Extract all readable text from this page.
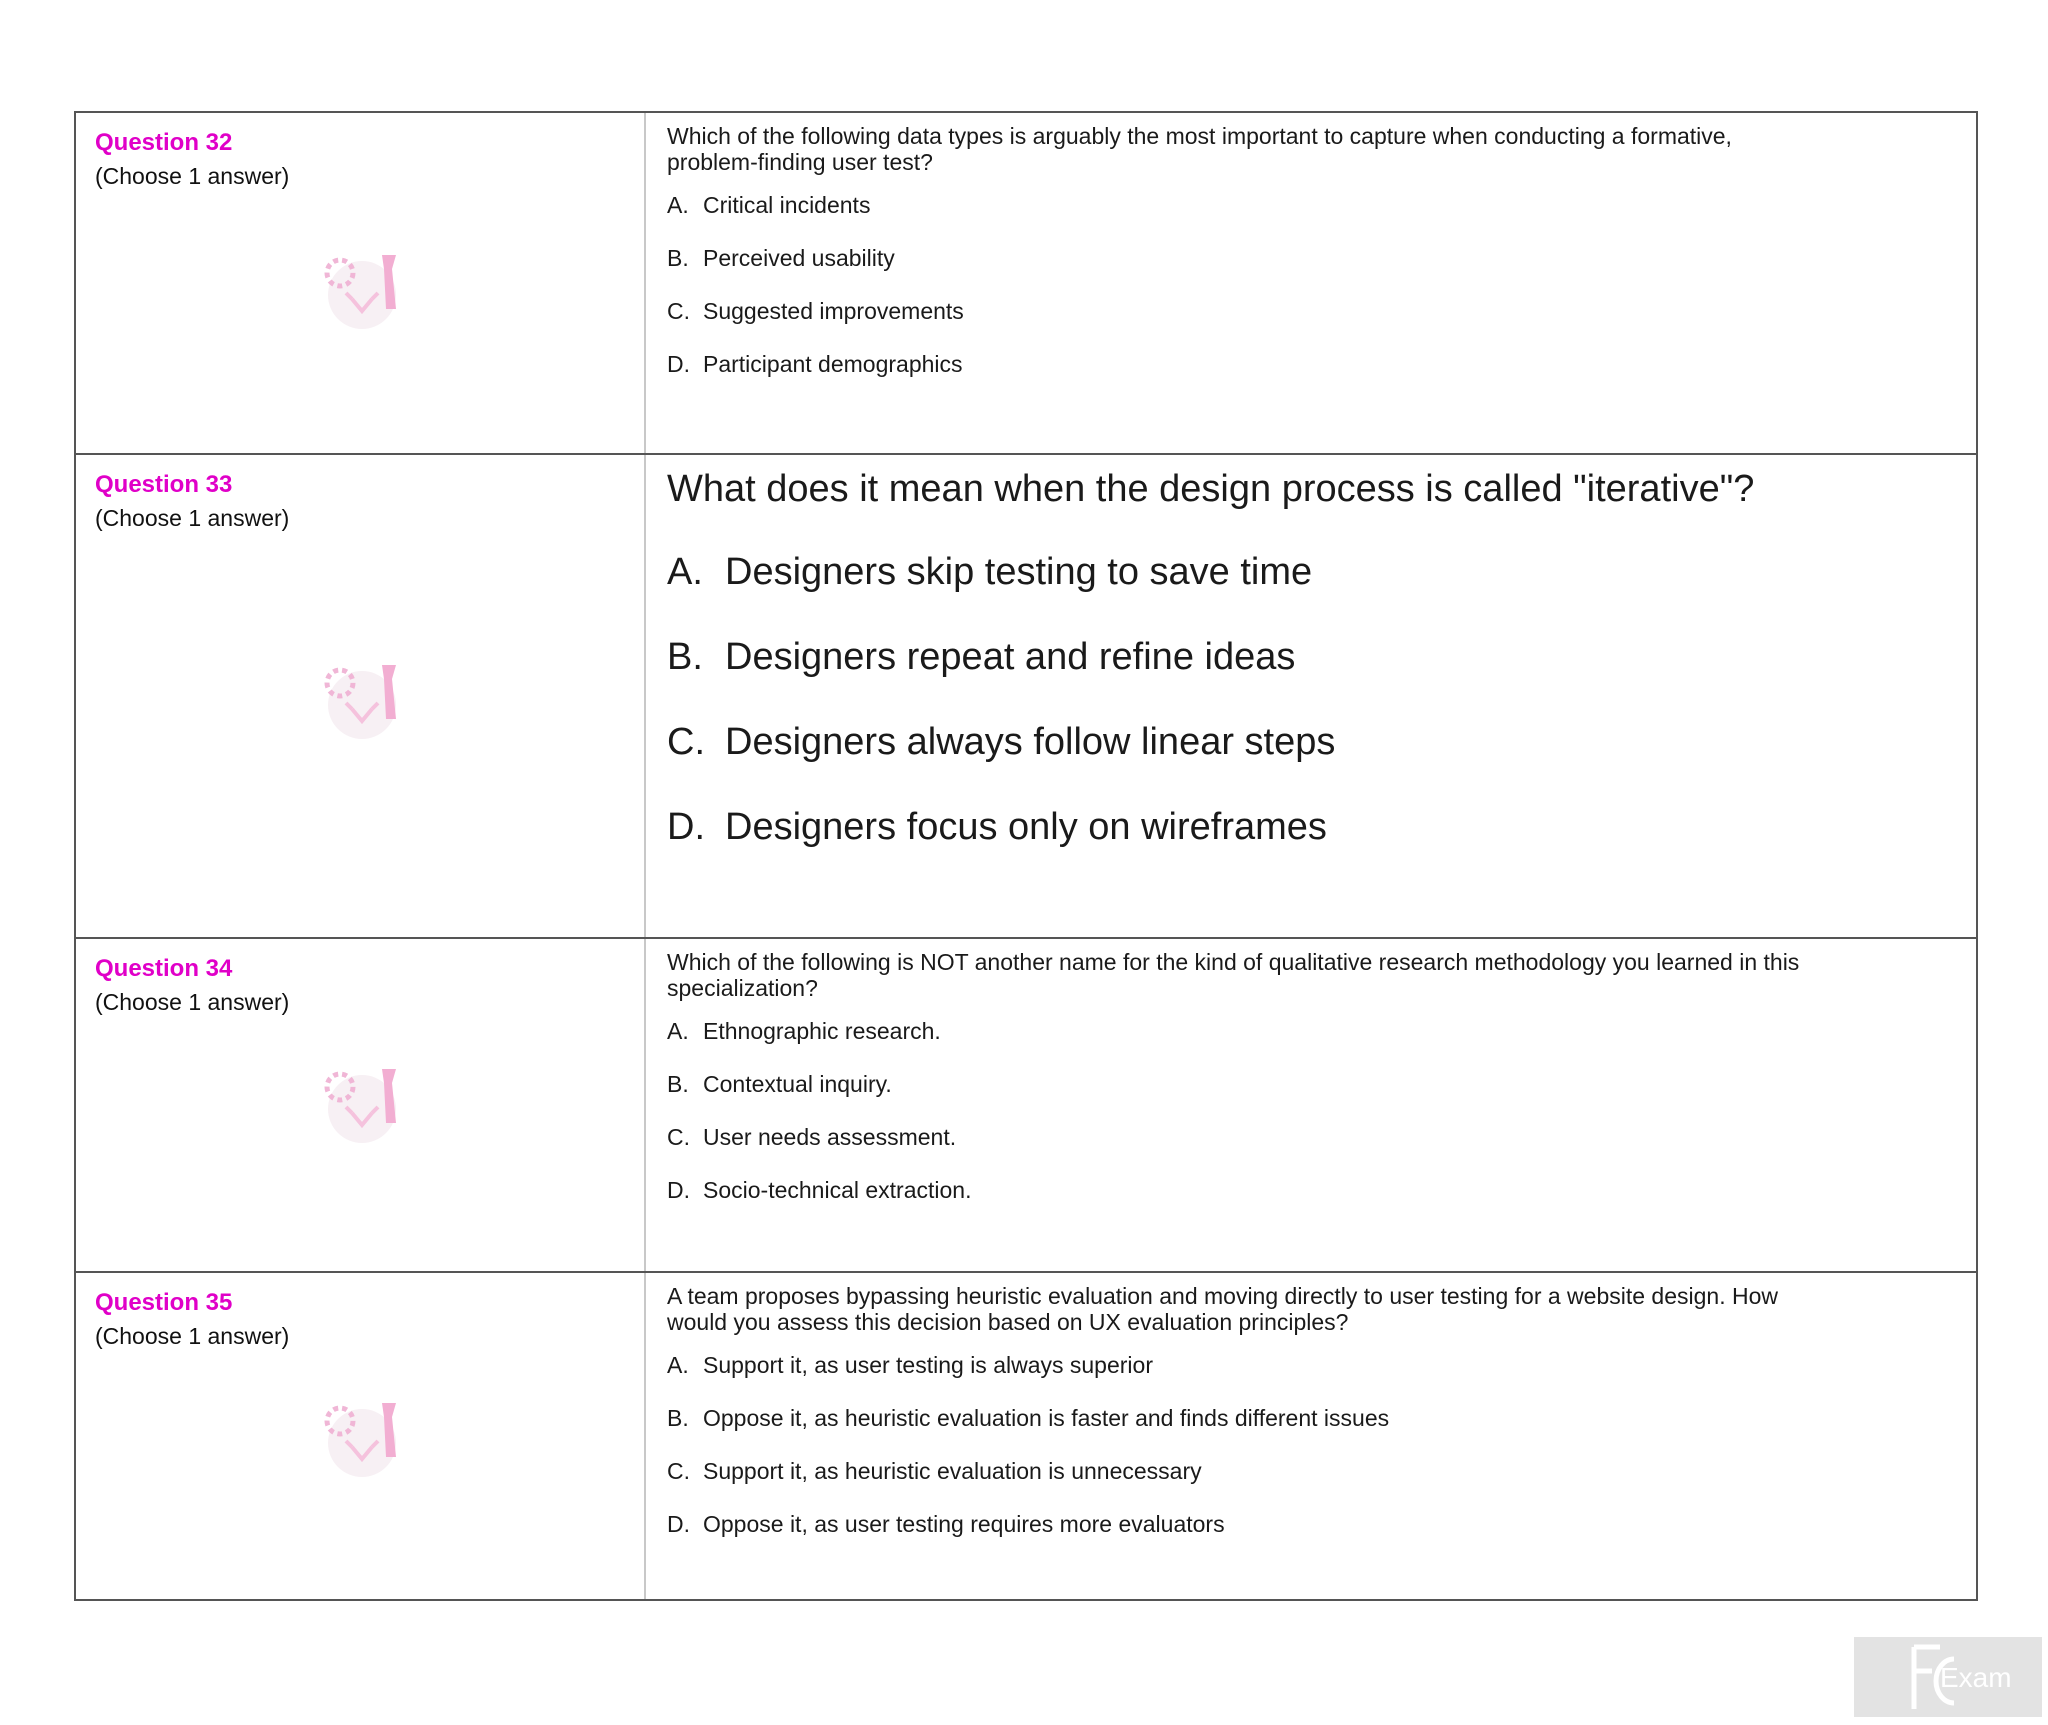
Question 32
(Choose 1 answer)
Which of the following data types is arguably the most important to capture when conducting a formative, problem-finding user test?
A. Critical incidents
B. Perceived usability
C. Suggested improvements
D. Participant demographics
Question 33
(Choose 1 answer)
What does it mean when the design process is called "iterative"?
A. Designers skip testing to save time
B. Designers repeat and refine ideas
C. Designers always follow linear steps
D. Designers focus only on wireframes
Question 34
(Choose 1 answer)
Which of the following is NOT another name for the kind of qualitative research methodology you learned in this specialization?
A. Ethnographic research.
B. Contextual inquiry.
C. User needs assessment.
D. Socio-technical extraction.
Question 35
(Choose 1 answer)
A team proposes bypassing heuristic evaluation and moving directly to user testing for a website design. How would you assess this decision based on UX evaluation principles?
A. Support it, as user testing is always superior
B. Oppose it, as heuristic evaluation is faster and finds different issues
C. Support it, as heuristic evaluation is unnecessary
D. Oppose it, as user testing requires more evaluators
Exam
